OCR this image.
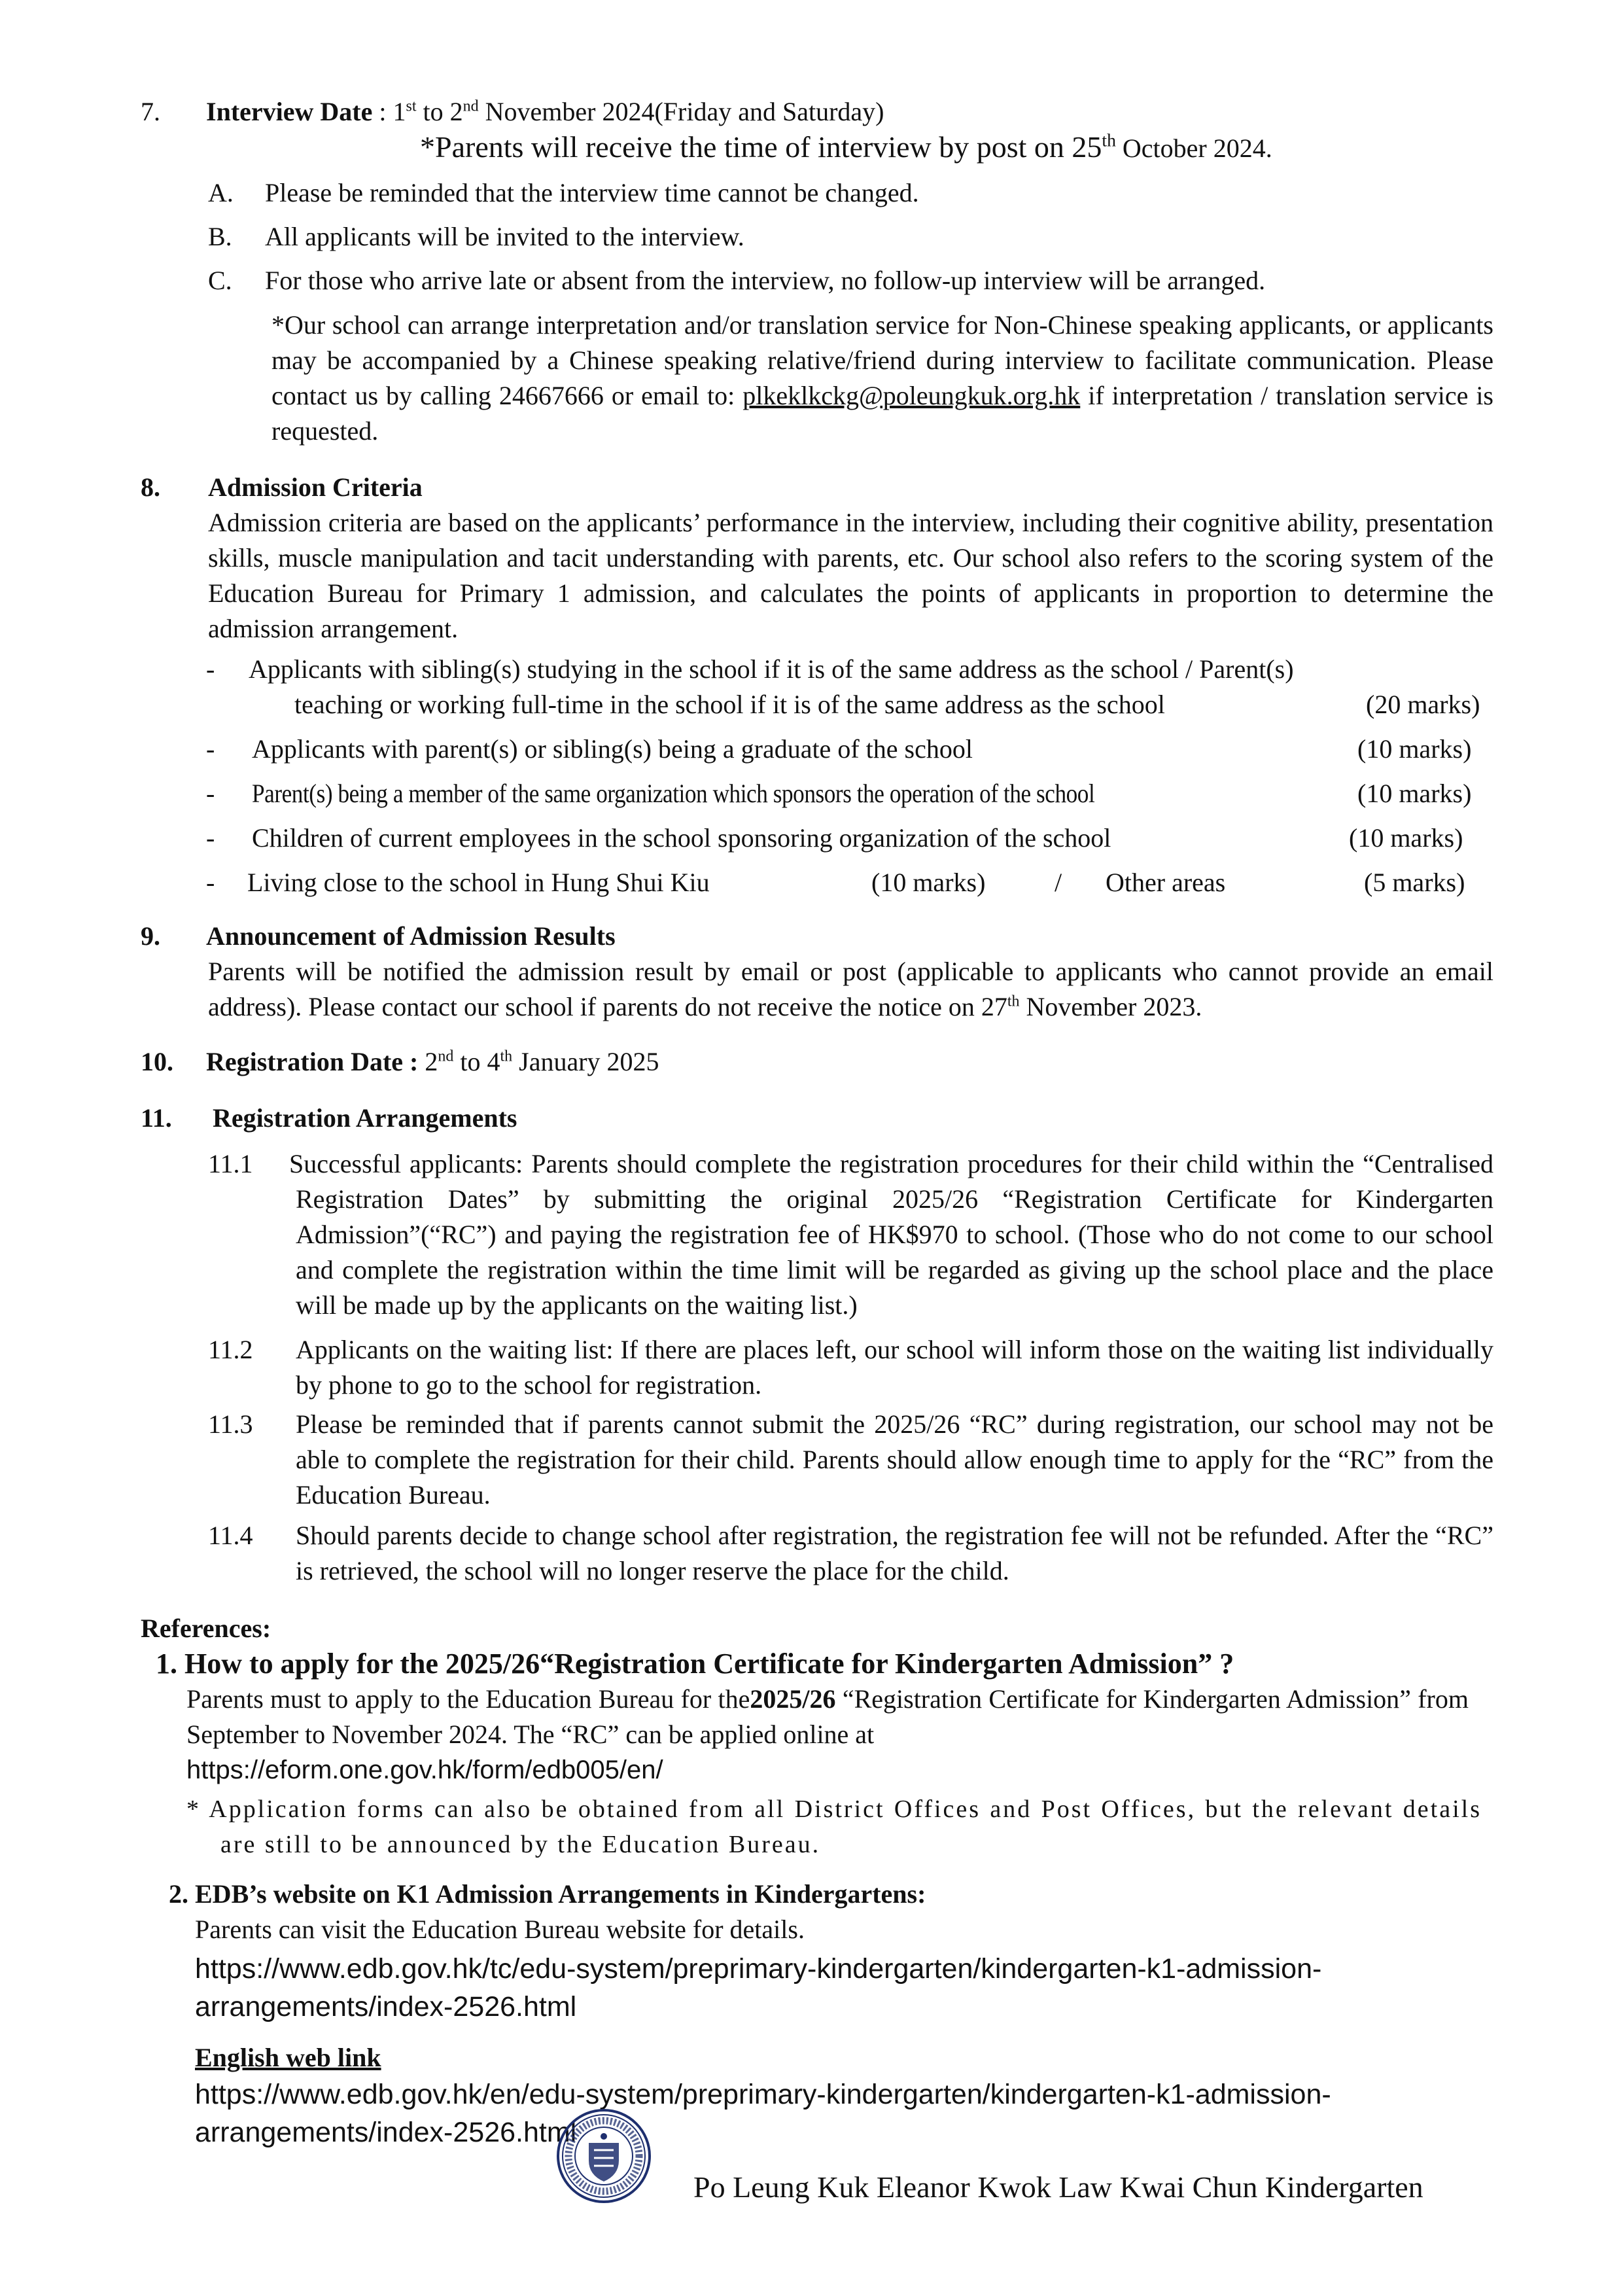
7. Interview Date : 1st to 2nd November 2024(Friday and Saturday)
*Parents will receive the time of interview by post on 25th October 2024.
A. Please be reminded that the interview time cannot be changed.
B. All applicants will be invited to the interview.
C. For those who arrive late or absent from the interview, no follow-up interview will be arranged.
*Our school can arrange interpretation and/or translation service for Non-Chinese speaking applicants, or applicants may be accompanied by a Chinese speaking relative/friend during interview to facilitate communication. Please contact us by calling 24667666 or email to: plkeklkckg@poleungkuk.org.hk if interpretation / translation service is requested.
8. Admission Criteria
Admission criteria are based on the applicants’ performance in the interview, including their cognitive ability, presentation skills, muscle manipulation and tacit understanding with parents, etc. Our school also refers to the scoring system of the Education Bureau for Primary 1 admission, and calculates the points of applicants in proportion to determine the admission arrangement.
- Applicants with sibling(s) studying in the school if it is of the same address as the school / Parent(s)
teaching or working full-time in the school if it is of the same address as the school	(20 marks)
- Applicants with parent(s) or sibling(s) being a graduate of the school	(10 marks)
- Parent(s) being a member of the same organization which sponsors the operation of the school	(10 marks)
- Children of current employees in the school sponsoring organization of the school	(10 marks)
- Living close to the school in Hung Shui Kiu	(10 marks)	/ Other areas	(5 marks)
9. Announcement of Admission Results
Parents will be notified the admission result by email or post (applicable to applicants who cannot provide an email address). Please contact our school if parents do not receive the notice on 27th November 2023.
10. Registration Date : 2nd to 4th January 2025
11. Registration Arrangements
11.1 Successful applicants: Parents should complete the registration procedures for their child within the “Centralised Registration Dates” by submitting the original 2025/26 “Registration Certificate for Kindergarten Admission”(“RC”) and paying the registration fee of HK$970 to school. (Those who do not come to our school and complete the registration within the time limit will be regarded as giving up the school place and the place will be made up by the applicants on the waiting list.)
11.2 Applicants on the waiting list: If there are places left, our school will inform those on the waiting list individually by phone to go to the school for registration.
11.3 Please be reminded that if parents cannot submit the 2025/26 “RC” during registration, our school may not be able to complete the registration for their child. Parents should allow enough time to apply for the “RC” from the Education Bureau.
11.4 Should parents decide to change school after registration, the registration fee will not be refunded. After the “RC” is retrieved, the school will no longer reserve the place for the child.
References:
1. How to apply for the 2025/26“Registration Certificate for Kindergarten Admission” ?
Parents must to apply to the Education Bureau for the2025/26 “Registration Certificate for Kindergarten Admission” from September to November 2024. The “RC” can be applied online at
https://eform.one.gov.hk/form/edb005/en/
* Application forms can also be obtained from all District Offices and Post Offices, but the relevant details are still to be announced by the Education Bureau.
2. EDB’s website on K1 Admission Arrangements in Kindergartens:
Parents can visit the Education Bureau website for details.
https://www.edb.gov.hk/tc/edu-system/preprimary-kindergarten/kindergarten-k1-admission-
arrangements/index-2526.html
English web link
https://www.edb.gov.hk/en/edu-system/preprimary-kindergarten/kindergarten-k1-admission-
arrangements/index-2526.html
Po Leung Kuk Eleanor Kwok Law Kwai Chun Kindergarten
